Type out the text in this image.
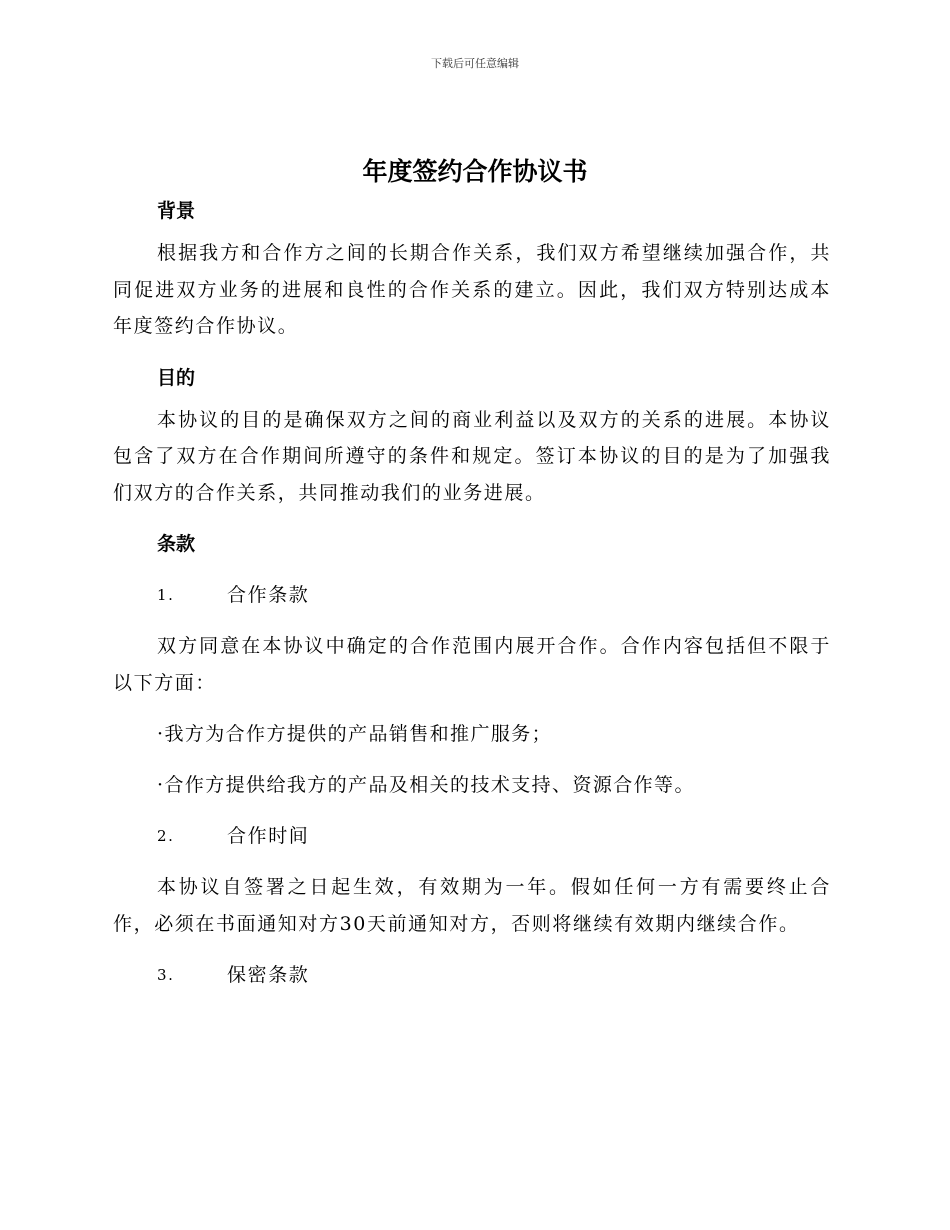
下载后可任意编辑
年度签约合作协议书
背景

根据我方和合作方之间的长期合作关系，我们双方希望继续加强合作，共同促进双方业务的进展和良性的合作关系的建立。因此，我们双方特别达成本年度签约合作协议。

目的

本协议的目的是确保双方之间的商业利益以及双方的关系的进展。本协议包含了双方在合作期间所遵守的条件和规定。签订本协议的目的是为了加强我们双方的合作关系，共同推动我们的业务进展。

条款
1.	合作条款

双方同意在本协议中确定的合作范围内展开合作。合作内容包括但不限于以下方面：

·我方为合作方提供的产品销售和推广服务；
·合作方提供给我方的产品及相关的技术支持、资源合作等。
2.	合作时间

本协议自签署之日起生效，有效期为一年。假如任何一方有需要终止合作，必须在书面通知对方30天前通知对方，否则将继续有效期内继续合作。

3.	保密条款
